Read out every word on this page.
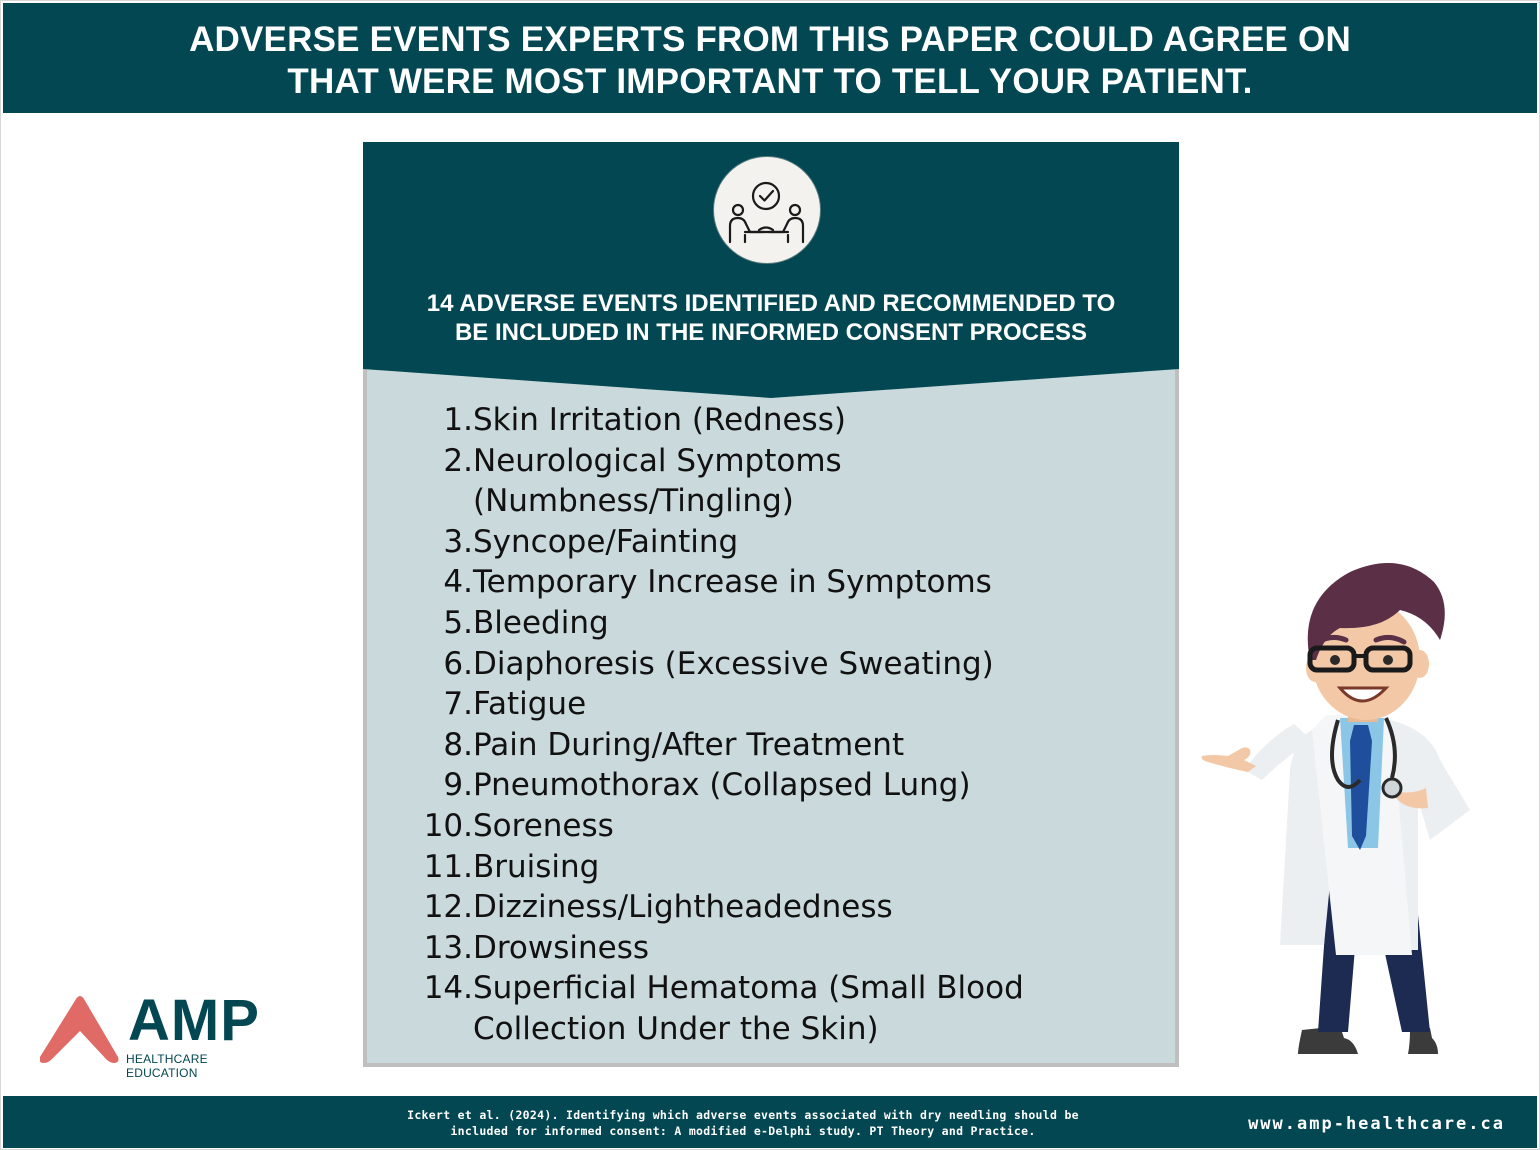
ADVERSE EVENTS EXPERTS FROM THIS PAPER COULD AGREE ON
THAT WERE MOST IMPORTANT TO TELL YOUR PATIENT.
14 ADVERSE EVENTS IDENTIFIED AND RECOMMENDED TO
BE INCLUDED IN THE INFORMED CONSENT PROCESS
1. Skin Irritation (Redness)
2. Neurological Symptoms
(Numbness/Tingling)
3. Syncope/Fainting
4. Temporary Increase in Symptoms
5. Bleeding
6. Diaphoresis (Excessive Sweating)
7. Fatigue
8. Pain During/After Treatment
9. Pneumothorax (Collapsed Lung)
10. Soreness
11. Bruising
12. Dizziness/Lightheadedness
13. Drowsiness
14. Superficial Hematoma (Small Blood
Collection Under the Skin)
AMP
HEALTHCARE EDUCATION
Ickert et al. (2024). Identifying which adverse events associated with dry needling should be
included for informed consent: A modified e-Delphi study. PT Theory and Practice.	www.amp-healthcare.ca
